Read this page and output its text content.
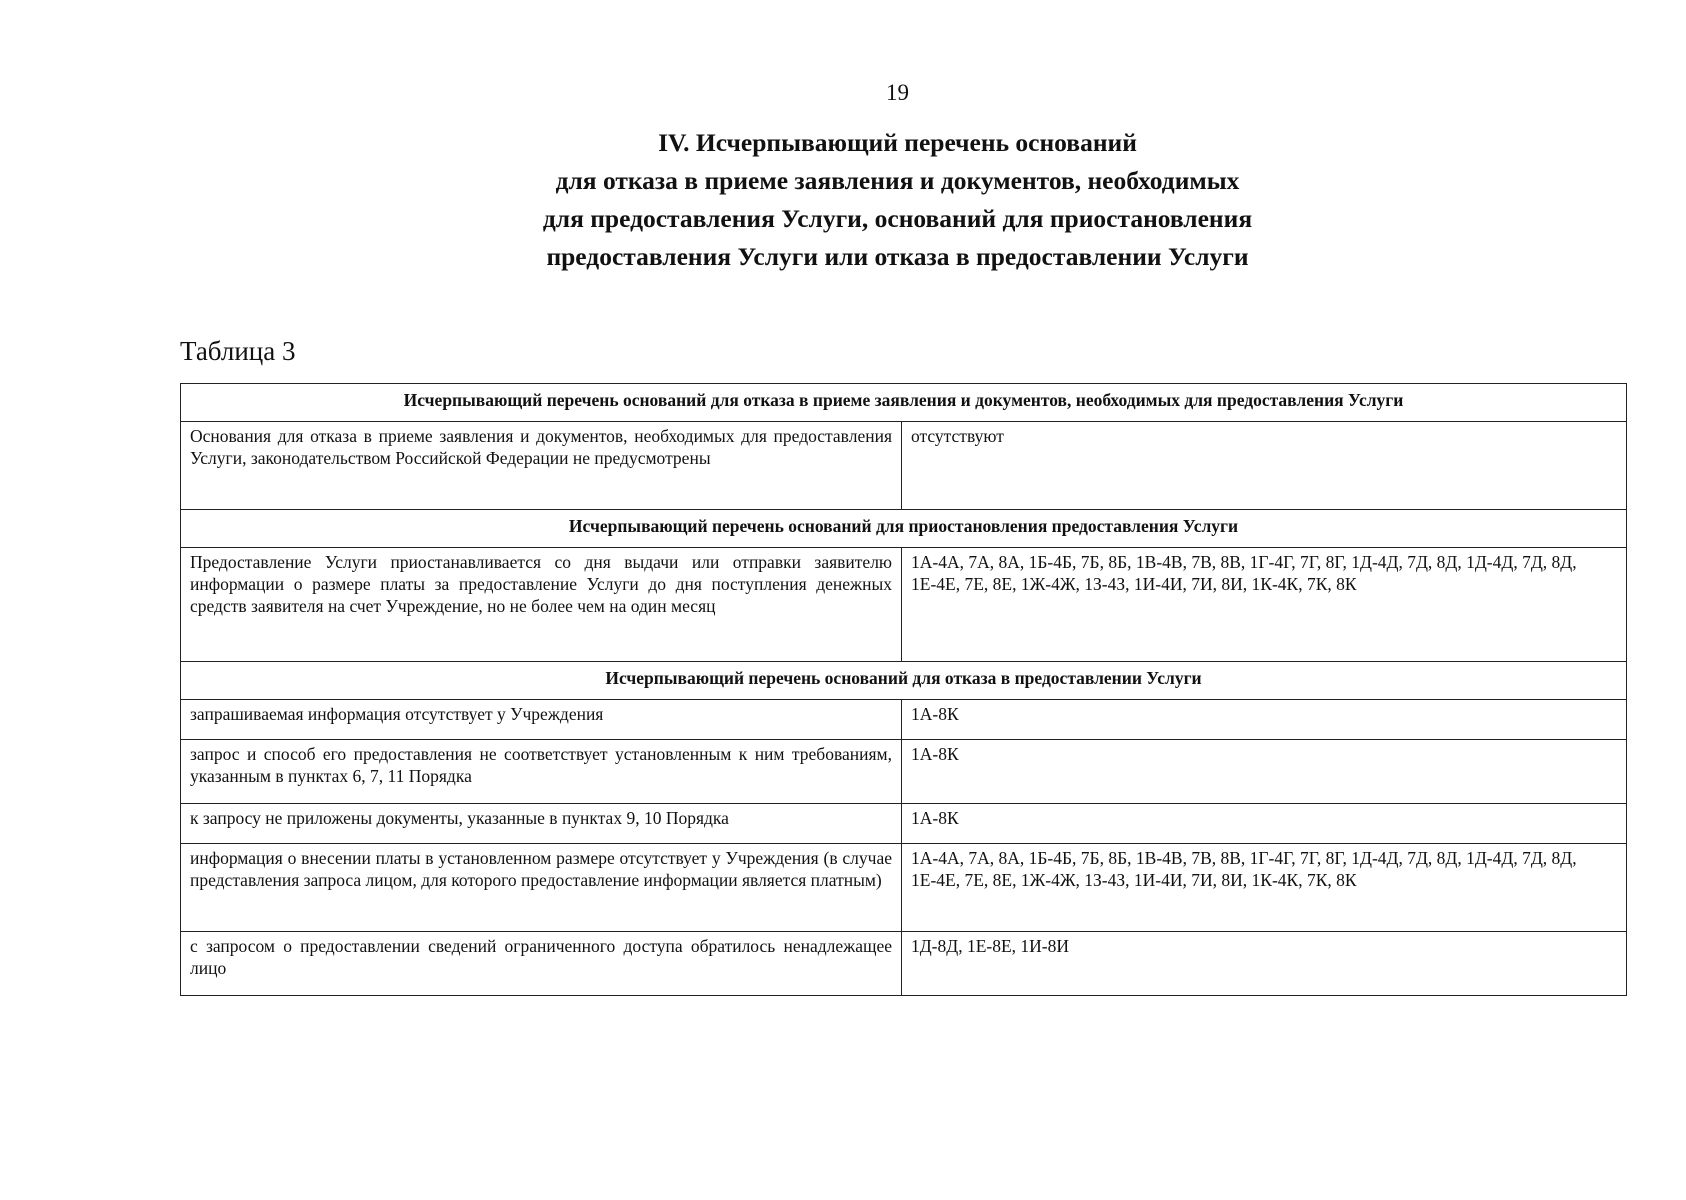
19
IV. Исчерпывающий перечень оснований
для отказа в приеме заявления и документов, необходимых
для предоставления Услуги, оснований для приостановления
предоставления Услуги или отказа в предоставлении Услуги
Таблица 3
Исчерпывающий перечень оснований для отказа в приеме заявления и документов, необходимых для предоставления Услуги	
Основания для отказа в приеме заявления и документов, необходимых для предоставления Услуги, законодательством Российской Федерации не предусмотрены	отсутствуют
Исчерпывающий перечень оснований для приостановления предоставления Услуги	
Предоставление Услуги приостанавливается со дня выдачи или отправки заявителю информации о размере платы за предоставление Услуги до дня поступления денежных средств заявителя на счет Учреждение, но не более чем на один месяц	1А-4А, 7А, 8А, 1Б-4Б, 7Б, 8Б, 1В-4В, 7В, 8В, 1Г-4Г, 7Г, 8Г, 1Д-4Д, 7Д, 8Д, 1Д-4Д, 7Д, 8Д, 1Е-4Е, 7Е, 8Е, 1Ж-4Ж, 1З-4З, 1И-4И, 7И, 8И, 1К-4К, 7К, 8К
Исчерпывающий перечень оснований для отказа в предоставлении Услуги	
запрашиваемая информация отсутствует у Учреждения	1А-8К
запрос и способ его предоставления не соответствует установленным к ним требованиям, указанным в пунктах 6, 7, 11 Порядка	1А-8К
к запросу не приложены документы, указанные в пунктах 9, 10 Порядка	1А-8К
информация о внесении платы в установленном размере отсутствует у Учреждения (в случае представления запроса лицом, для которого предоставление информации является платным)	1А-4А, 7А, 8А, 1Б-4Б, 7Б, 8Б, 1В-4В, 7В, 8В, 1Г-4Г, 7Г, 8Г, 1Д-4Д, 7Д, 8Д, 1Д-4Д, 7Д, 8Д, 1Е-4Е, 7Е, 8Е, 1Ж-4Ж, 1З-4З, 1И-4И, 7И, 8И, 1К-4К, 7К, 8К
с запросом о предоставлении сведений ограниченного доступа обратилось ненадлежащее лицо	1Д-8Д, 1Е-8Е, 1И-8И
